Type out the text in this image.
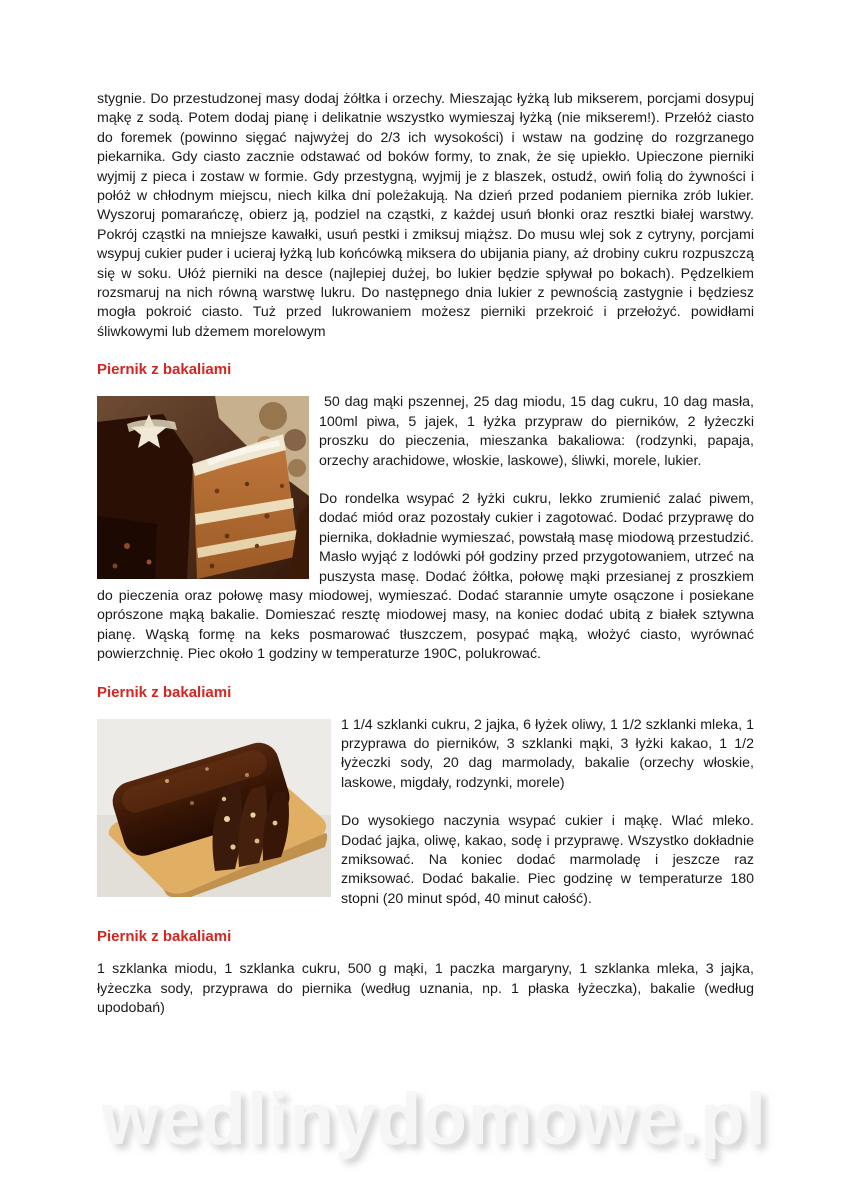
stygnie. Do przestudzonej masy dodaj żółtka i orzechy. Mieszając łyżką lub mikserem, porcjami dosypuj mąkę z sodą. Potem dodaj pianę i delikatnie wszystko wymieszaj łyżką (nie mikserem!). Przełóż ciasto do foremek (powinno sięgać najwyżej do 2/3 ich wysokości) i wstaw na godzinę do rozgrzanego piekarnika. Gdy ciasto zacznie odstawać od boków formy, to znak, że się upiekło. Upieczone pierniki wyjmij z pieca i zostaw w formie. Gdy przestygną, wyjmij je z blaszek, ostudź, owiń folią do żywności i połóż w chłodnym miejscu, niech kilka dni poleżakują. Na dzień przed podaniem piernika zrób lukier. Wyszoruj pomarańczę, obierz ją, podziel na cząstki, z każdej usuń błonki oraz resztki białej warstwy. Pokrój cząstki na mniejsze kawałki, usuń pestki i zmiksuj miąższ. Do musu wlej sok z cytryny, porcjami wsypuj cukier puder i ucieraj łyżką lub końcówką miksera do ubijania piany, aż drobiny cukru rozpuszczą się w soku. Ułóż pierniki na desce (najlepiej dużej, bo lukier będzie spływał po bokach). Pędzelkiem rozsmaruj na nich równą warstwę lukru. Do następnego dnia lukier z pewnością zastygnie i będziesz mogła pokroić ciasto. Tuż przed lukrowaniem możesz pierniki przekroić i przełożyć. powidłami śliwkowymi lub dżemem morelowym

Piernik z bakaliami

50 dag mąki pszennej, 25 dag miodu, 15 dag cukru, 10 dag masła, 100ml piwa, 5 jajek, 1 łyżka przypraw do pierników, 2 łyżeczki proszku do pieczenia, mieszanka bakaliowa: (rodzynki, papaja, orzechy arachidowe, włoskie, laskowe), śliwki, morele, lukier.

Do rondelka wsypać 2 łyżki cukru, lekko zrumienić zalać piwem, dodać miód oraz pozostały cukier i zagotować. Dodać przyprawę do piernika, dokładnie wymieszać, powstałą masę miodową przestudzić. Masło wyjąć z lodówki pół godziny przed przygotowaniem, utrzeć na puszysta masę. Dodać żółtka, połowę mąki przesianej z proszkiem do pieczenia oraz połowę masy miodowej, wymieszać. Dodać starannie umyte osączone i posiekane oprószone mąką bakalie. Domieszać resztę miodowej masy, na koniec dodać ubitą z białek sztywna pianę. Wąską formę na keks posmarować tłuszczem, posypać mąką, włożyć ciasto, wyrównać powierzchnię. Piec około 1 godziny w temperaturze 190C, polukrować.

Piernik z bakaliami

1 1/4 szklanki cukru, 2 jajka, 6 łyżek oliwy, 1 1/2 szklanki mleka, 1 przyprawa do pierników, 3 szklanki mąki, 3 łyżki kakao, 1 1/2 łyżeczki sody, 20 dag marmolady, bakalie (orzechy włoskie, laskowe, migdały, rodzynki, morele)

Do wysokiego naczynia wsypać cukier i mąkę. Wlać mleko. Dodać jajka, oliwę, kakao, sodę i przyprawę. Wszystko dokładnie zmiksować. Na koniec dodać marmoladę i jeszcze raz zmiksować. Dodać bakalie. Piec godzinę w temperaturze 180 stopni (20 minut spód, 40 minut całość).

Piernik z bakaliami

1 szklanka miodu, 1 szklanka cukru, 500 g mąki, 1 paczka margaryny, 1 szklanka mleka, 3 jajka, łyżeczka sody, przyprawa do piernika (według uznania, np. 1 płaska łyżeczka), bakalie (według upodobań)

wedlinydomowe.pl
